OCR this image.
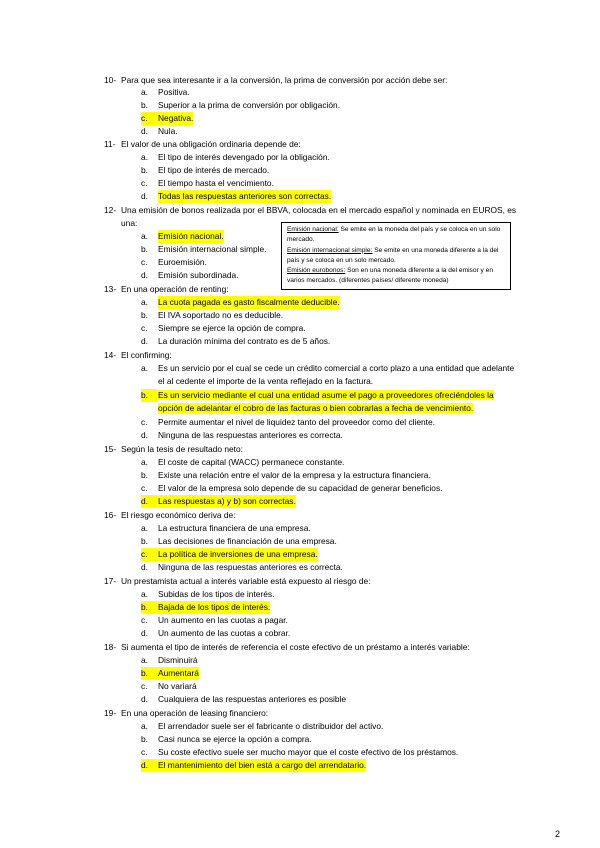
10- Para que sea interesante ir a la conversión, la prima de conversión por acción debe ser:
a.	Positiva.
b.	Superior a la prima de conversión por obligación.
c.	Negativa.
d.	Nula.
11- El valor de una obligación ordinaria depende de:
a.	El tipo de interés devengado por la obligación.
b.	El tipo de interés de mercado.
c.	El tiempo hasta el vencimiento.
d.	Todas las respuestas anteriores son correctas.
12- Una emisión de bonos realizada por el BBVA, colocada en el mercado español y nominada en EUROS, es una:
a.	Emisión nacional.
b.	Emisión internacional simple.
c.	Euroemisión.
d.	Emisión subordinada.
Emisión nacional: Se emite en la moneda del país y se coloca en un solo mercado.
Emisión internacional simple: Se emite en una moneda diferente a la del país y se coloca en un solo mercado.
Emisión eurobonos: Son en una moneda diferente a la del emisor y en varios mercados. (diferentes países/ diferente moneda)
13- En una operación de renting:
a.	La cuota pagada es gasto fiscalmente deducible.
b.	El IVA soportado no es deducible.
c.	Siempre se ejerce la opción de compra.
d.	La duración mínima del contrato es de 5 años.
14- El confirming:
a.	Es un servicio por el cual se cede un crédito comercial a corto plazo a una entidad que adelante el al cedente el importe de la venta reflejado en la factura.
b.	Es un servicio mediante el cual una entidad asume el pago a proveedores ofreciéndoles la opción de adelantar el cobro de las facturas o bien cobrarlas a fecha de vencimiento.
c.	Permite aumentar el nivel de liquidez tanto del proveedor como del cliente.
d.	Ninguna de las respuestas anteriores es correcta.
15- Según la tesis de resultado neto:
a.	El coste de capital (WACC) permanece constante.
b.	Existe una relación entre el valor de la empresa y la estructura financiera.
c.	El valor de la empresa solo depende de su capacidad de generar beneficios.
d.	Las respuestas a) y b) son correctas.
16- El riesgo económico deriva de:
a.	La estructura financiera de una empresa.
b.	Las decisiones de financiación de una empresa.
c.	La política de inversiones de una empresa.
d.	Ninguna de las respuestas anteriores es correcta.
17- Un prestamista actual a interés variable está expuesto al riesgo de:
a.	Subidas de los tipos de interés.
b.	Bajada de los tipos de interés.
c.	Un aumento en las cuotas a pagar.
d.	Un aumento de las cuotas a cobrar.
18- Si aumenta el tipo de interés de referencia el coste efectivo de un préstamo a interés variable:
a.	Disminuirá
b.	Aumentará
c.	No variará
d.	Cualquiera de las respuestas anteriores es posible
19- En una operación de leasing financiero:
a.	El arrendador suele ser el fabricante o distribuidor del activo.
b.	Casi nunca se ejerce la opción a compra.
c.	Su coste efectivo suele ser mucho mayor que el coste efectivo de los préstamos.
d.	El mantenimiento del bien está a cargo del arrendatario.
2
